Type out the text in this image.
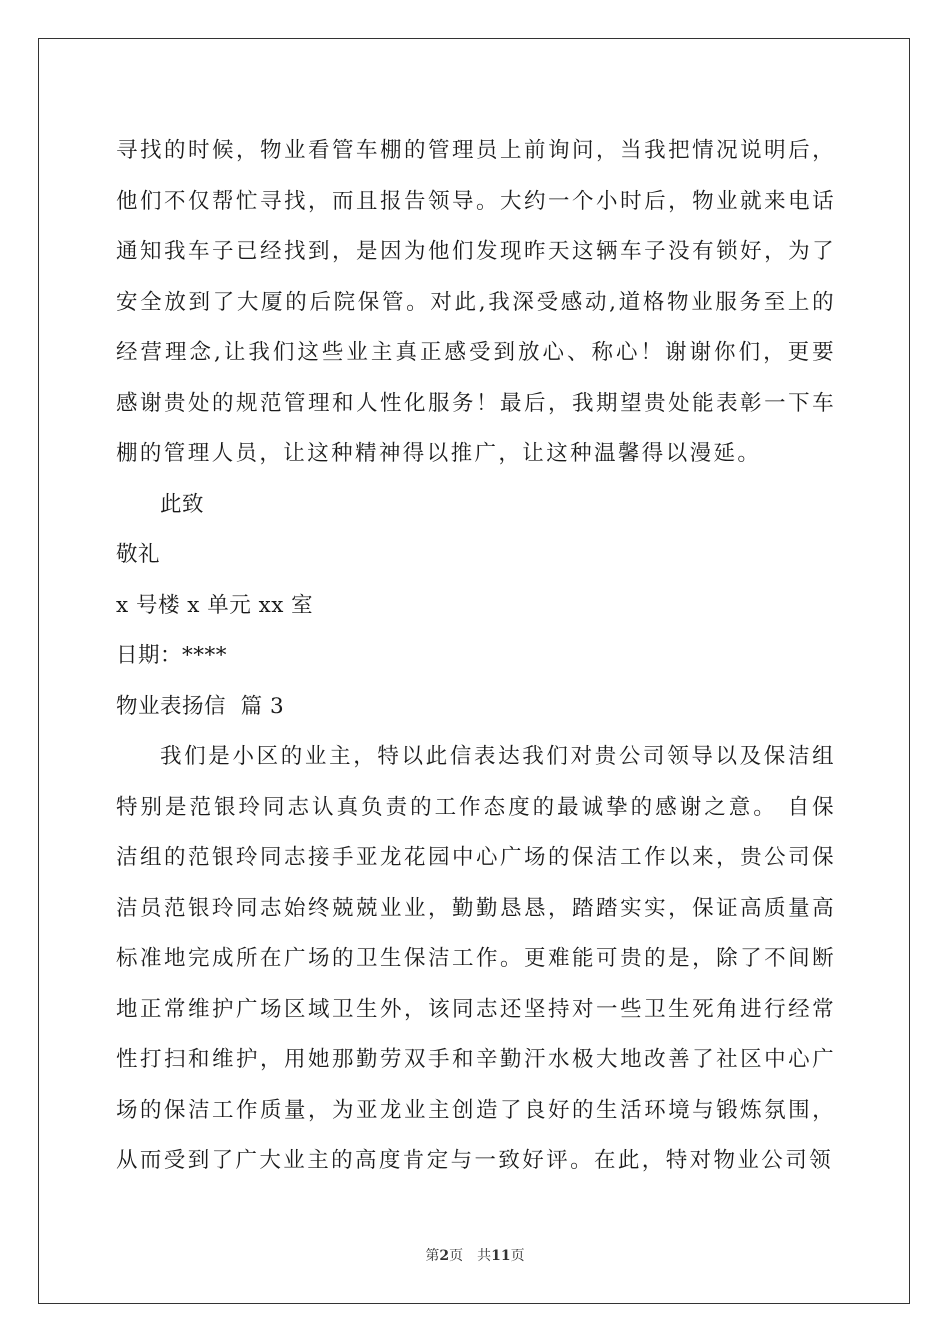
寻找的时候，物业看管车棚的管理员上前询问，当我把情况说明后，他们不仅帮忙寻找，而且报告领导。大约一个小时后，物业就来电话通知我车子已经找到，是因为他们发现昨天这辆车子没有锁好，为了安全放到了大厦的后院保管。对此,我深受感动,道格物业服务至上的经营理念,让我们这些业主真正感受到放心、称心！谢谢你们，更要感谢贵处的规范管理和人性化服务！最后，我期望贵处能表彰一下车棚的管理人员，让这种精神得以推广，让这种温馨得以漫延。

此致

敬礼

x 号楼 x 单元 xx 室

日期：****

物业表扬信  篇 3

我们是小区的业主，特以此信表达我们对贵公司领导以及保洁组特别是范银玲同志认真负责的工作态度的最诚挚的感谢之意。 自保洁组的范银玲同志接手亚龙花园中心广场的保洁工作以来，贵公司保洁员范银玲同志始终兢兢业业，勤勤恳恳，踏踏实实，保证高质量高标准地完成所在广场的卫生保洁工作。更难能可贵的是，除了不间断地正常维护广场区域卫生外，该同志还坚持对一些卫生死角进行经常性打扫和维护，用她那勤劳双手和辛勤汗水极大地改善了社区中心广场的保洁工作质量，为亚龙业主创造了良好的生活环境与锻炼氛围，从而受到了广大业主的高度肯定与一致好评。在此，特对物业公司领

第2页 共11页
